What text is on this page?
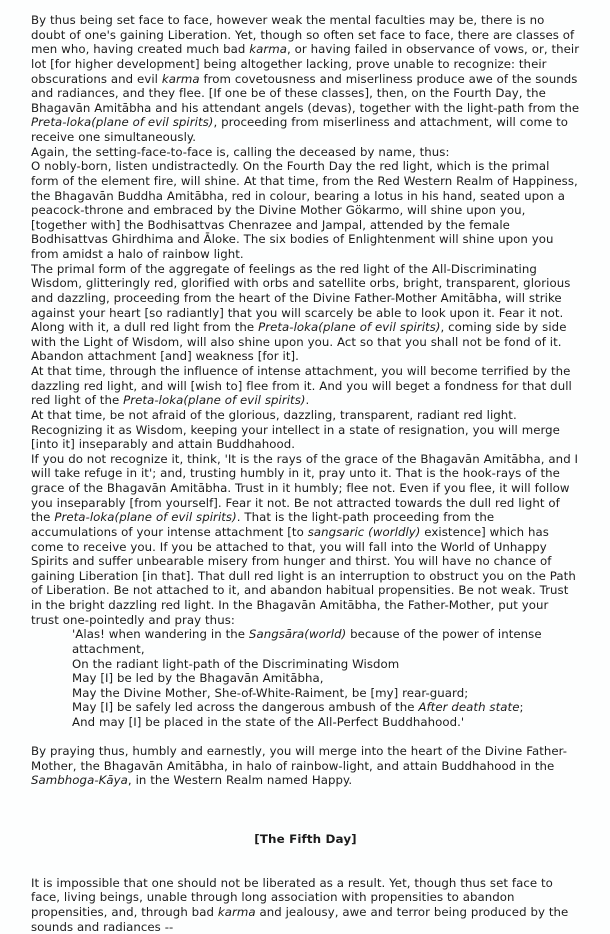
By thus being set face to face, however weak the mental faculties may be, there is no doubt of one's gaining Liberation. Yet, though so often set face to face, there are classes of men who, having created much bad karma, or having failed in observance of vows, or, their lot [for higher development] being altogether lacking, prove unable to recognize: their obscurations and evil karma from covetousness and miserliness produce awe of the sounds and radiances, and they flee. [If one be of these classes], then, on the Fourth Day, the Bhagavān Amitābha and his attendant angels (devas), together with the light-path from the Preta-loka(plane of evil spirits), proceeding from miserliness and attachment, will come to receive one simultaneously.
Again, the setting-face-to-face is, calling the deceased by name, thus:
O nobly-born, listen undistractedly. On the Fourth Day the red light, which is the primal form of the element fire, will shine. At that time, from the Red Western Realm of Happiness, the Bhagavān Buddha Amitābha, red in colour, bearing a lotus in his hand, seated upon a peacock-throne and embraced by the Divine Mother Gökarmo, will shine upon you, [together with] the Bodhisattvas Chenrazee and Jampal, attended by the female Bodhisattvas Ghirdhima and Āloke. The six bodies of Enlightenment will shine upon you from amidst a halo of rainbow light.
The primal form of the aggregate of feelings as the red light of the All-Discriminating Wisdom, glitteringly red, glorified with orbs and satellite orbs, bright, transparent, glorious and dazzling, proceeding from the heart of the Divine Father-Mother Amitābha, will strike against your heart [so radiantly] that you will scarcely be able to look upon it. Fear it not.
Along with it, a dull red light from the Preta-loka(plane of evil spirits), coming side by side with the Light of Wisdom, will also shine upon you. Act so that you shall not be fond of it. Abandon attachment [and] weakness [for it].
At that time, through the influence of intense attachment, you will become terrified by the dazzling red light, and will [wish to] flee from it. And you will beget a fondness for that dull red light of the Preta-loka(plane of evil spirits).
At that time, be not afraid of the glorious, dazzling, transparent, radiant red light. Recognizing it as Wisdom, keeping your intellect in a state of resignation, you will merge [into it] inseparably and attain Buddhahood.
If you do not recognize it, think, 'It is the rays of the grace of the Bhagavān Amitābha, and I will take refuge in it'; and, trusting humbly in it, pray unto it. That is the hook-rays of the grace of the Bhagavān Amitābha. Trust in it humbly; flee not. Even if you flee, it will follow you inseparably [from yourself]. Fear it not. Be not attracted towards the dull red light of the Preta-loka(plane of evil spirits). That is the light-path proceeding from the accumulations of your intense attachment [to sangsaric (worldly) existence] which has come to receive you. If you be attached to that, you will fall into the World of Unhappy Spirits and suffer unbearable misery from hunger and thirst. You will have no chance of gaining Liberation [in that]. That dull red light is an interruption to obstruct you on the Path of Liberation. Be not attached to it, and abandon habitual propensities. Be not weak. Trust in the bright dazzling red light. In the Bhagavān Amitābha, the Father-Mother, put your trust one-pointedly and pray thus:
'Alas! when wandering in the Sangsāra(world) because of the power of intense attachment,
On the radiant light-path of the Discriminating Wisdom
May [I] be led by the Bhagavān Amitābha,
May the Divine Mother, She-of-White-Raiment, be [my] rear-guard;
May [I] be safely led across the dangerous ambush of the After death state;
And may [I] be placed in the state of the All-Perfect Buddhahood.'
By praying thus, humbly and earnestly, you will merge into the heart of the Divine Father-Mother, the Bhagavān Amitābha, in halo of rainbow-light, and attain Buddhahood in the Sambhoga-Kāya, in the Western Realm named Happy.
[The Fifth Day]
It is impossible that one should not be liberated as a result. Yet, though thus set face to face, living beings, unable through long association with propensities to abandon propensities, and, through bad karma and jealousy, awe and terror being produced by the sounds and radiances --
